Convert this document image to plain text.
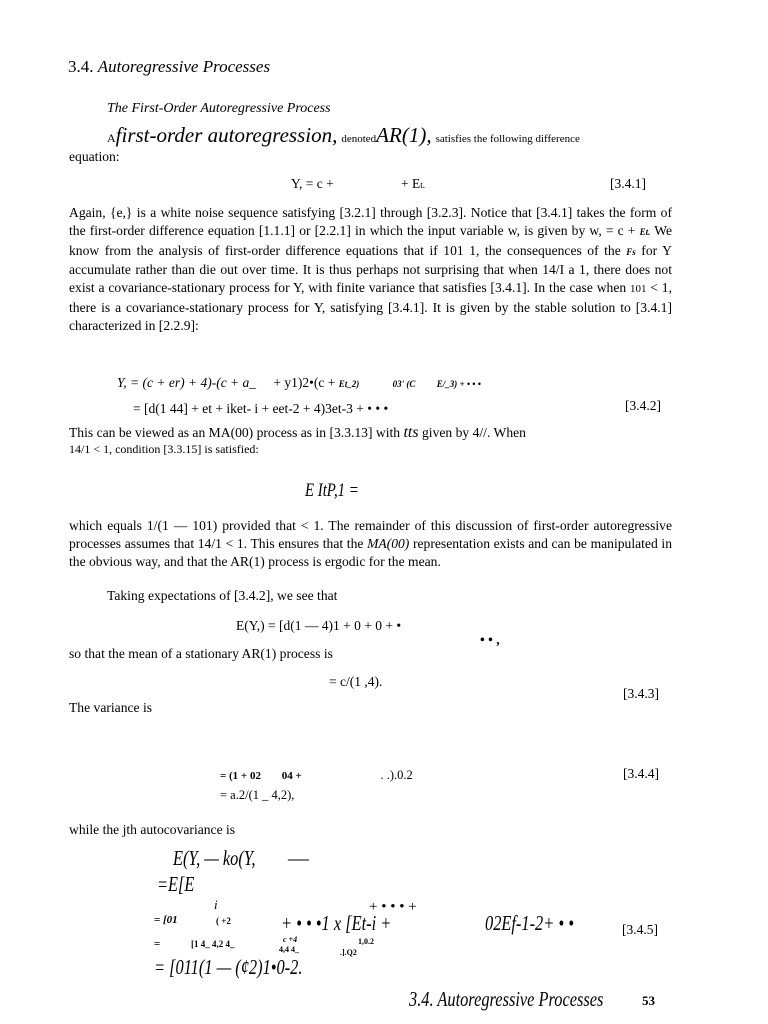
3.4. Autoregressive Processes
The First-Order Autoregressive Process
Afirst-order autoregression, denotedAR(1), satisfies the following difference
equation:
Y, = c +	+ Et.	[3.4.1]

Again, {e,} is a white noise sequence satisfying [3.2.1] through [3.2.3]. Notice that [3.4.1] takes the form of the first-order difference equation [1.1.1] or [2.2.1] in which the input variable w, is given by w, = c + Et. We know from the analysis of first-order difference equations that if 101 1, the consequences of the Fs for Y accumulate rather than die out over time. It is thus perhaps not surprising that when 14/I a 1, there does not exist a covariance-stationary process for Y, with finite variance that satisfies [3.4.1]. In the case when 101 < 1, there is a covariance-stationary process for Y, satisfying [3.4.1]. It is given by the stable solution to [3.4.1] characterized in [2.2.9]:

Y, = (c + er) + 4)-(c + a_ + y1)2•(c + Et_2)	03' (C E/_3) + • • •
= [d(1 44] + et + iket- i + eet-2 + 4)3et-3 + • • •	[3.4.2]
This can be viewed as an MA(00) process as in [3.3.13] with tts given by 4//. When
14/1 < 1, condition [3.3.15] is satisfied:
E ItP,1 =

which equals 1/(1 — 101) provided that < 1. The remainder of this discussion of first-order autoregressive processes assumes that 14/1 < 1. This ensures that the MA(00) representation exists and can be manipulated in the obvious way, and that the AR(1) process is ergodic for the mean.

Taking expectations of [3.4.2], we see that
E(Y,) = [d(1 — 4)1 + 0 + 0 + •
• • ,
so that the mean of a stationary AR(1) process is
= c/(1 ,4).
[3.4.3]
The variance is
= (1 + 02 04 +	. .).0.2
= a.2/(1 _ 4,2),
[3.4.4]
while the jth autocovariance is
E(Y, — ko(Y,	—
=E[E
i	+ • • • +
= [01	( +2 + • • •1 x [Et-i +	02Ef-1-2+ • •	[3.4.5]
=	[1 4_ 4,2 4_	c +4
4,4 4_
1,0.2
.].Q2
= [011(1 — (¢2)1•0-2.
3.4. Autoregressive Processes	53
